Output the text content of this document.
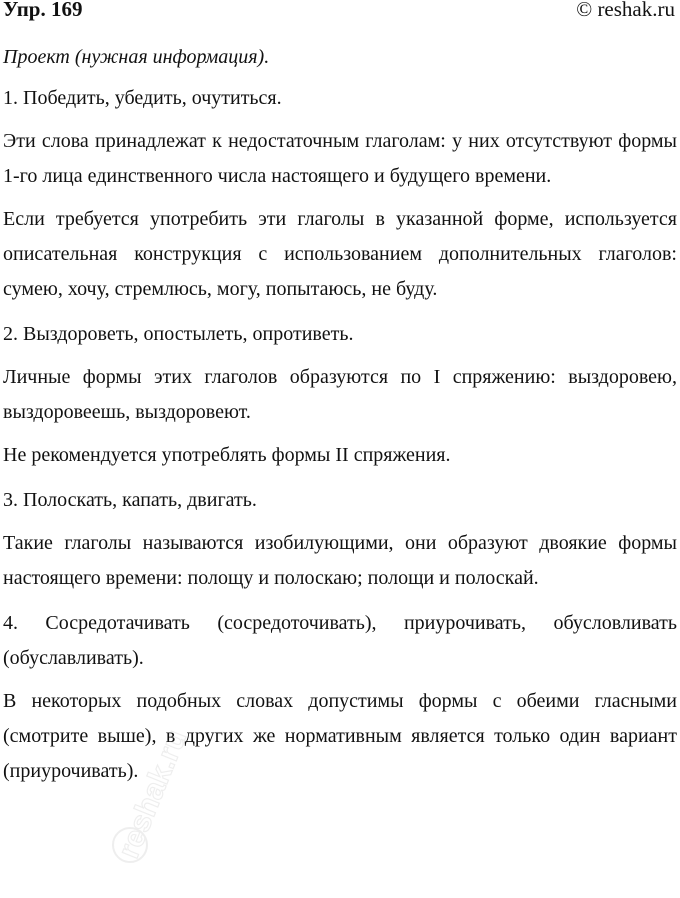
Упр. 169	© reshak.ru
Проект (нужная информация).

1. Победить, убедить, очутиться.

Эти слова принадлежат к недостаточным глаголам: у них отсутствуют формы 1-го лица единственного числа настоящего и будущего времени.

Если требуется употребить эти глаголы в указанной форме, используется описательная конструкция с использованием дополнительных глаголов: сумею, хочу, стремлюсь, могу, попытаюсь, не буду.

2. Выздороветь, опостылеть, опротиветь.

Личные формы этих глаголов образуются по I спряжению: выздоровею, выздоровеешь, выздоровеют.

Не рекомендуется употреблять формы II спряжения.

3. Полоскать, капать, двигать.

Такие глаголы называются изобилующими, они образуют двоякие формы настоящего времени: полощу и полоскаю; полощи и полоскай.

4. Сосредотачивать (сосредоточивать), приурочивать, обусловливать (обуславливать).

В некоторых подобных словах допустимы формы с обеими гласными (смотрите выше), в других же нормативным является только один вариант (приурочивать).

reshak.ru
